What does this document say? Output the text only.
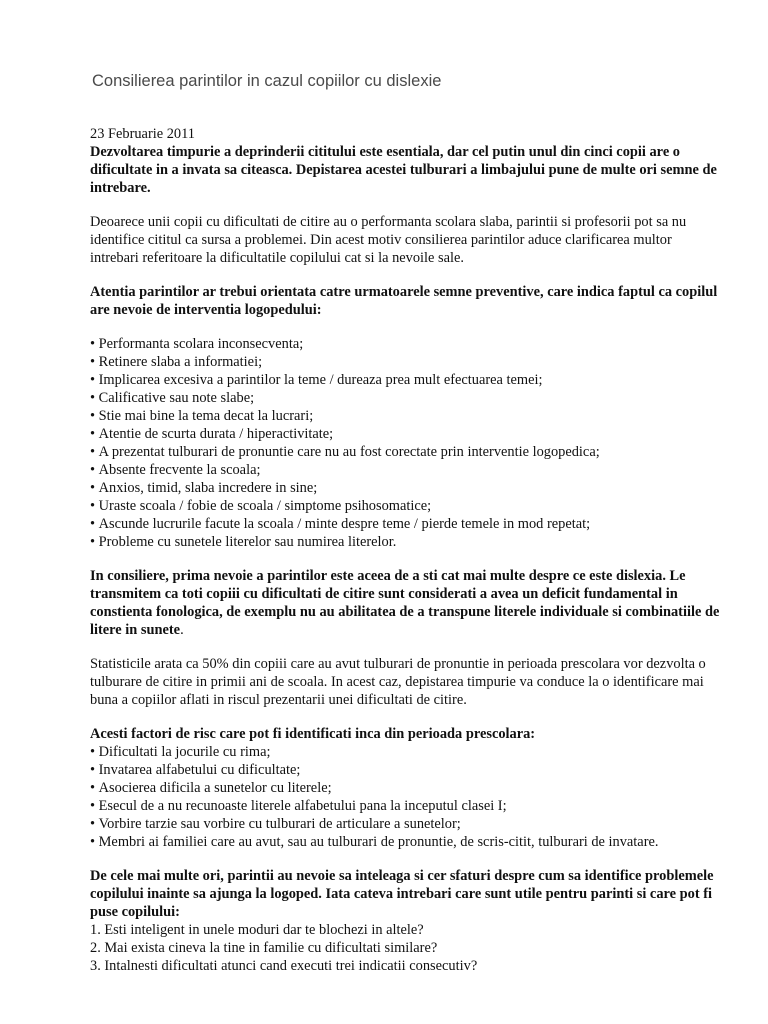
Consilierea parintilor in cazul copiilor cu dislexie

23 Februarie 2011

Dezvoltarea timpurie a deprinderii cititului este esentiala, dar cel putin unul din cinci copii are o dificultate in a invata sa citeasca. Depistarea acestei tulburari a limbajului pune de multe ori semne de intrebare.

Deoarece unii copii cu dificultati de citire au o performanta scolara slaba, parintii si profesorii pot sa nu identifice cititul ca sursa a problemei. Din acest motiv consilierea parintilor aduce clarificarea multor intrebari referitoare la dificultatile copilului cat si la nevoile sale.

Atentia parintilor ar trebui orientata catre urmatoarele semne preventive, care indica faptul ca copilul are nevoie de interventia logopedului:

• Performanta scolara inconsecventa;
• Retinere slaba a informatiei;
• Implicarea excesiva a parintilor la teme / dureaza prea mult efectuarea temei;
• Calificative sau note slabe;
• Stie mai bine la tema decat la lucrari;
• Atentie de scurta durata / hiperactivitate;
• A prezentat tulburari de pronuntie care nu au fost corectate prin interventie logopedica;
• Absente frecvente la scoala;
• Anxios, timid, slaba incredere in sine;
• Uraste scoala / fobie de scoala / simptome psihosomatice;
• Ascunde lucrurile facute la scoala / minte despre teme / pierde temele in mod repetat;
• Probleme cu sunetele literelor sau numirea literelor.

In consiliere, prima nevoie a parintilor este aceea de a sti cat mai multe despre ce este dislexia. Le transmitem ca toti copiii cu dificultati de citire sunt considerati a avea un deficit fundamental in constienta fonologica, de exemplu nu au abilitatea de a transpune literele individuale si combinatiile de litere in sunete.

Statisticile arata ca 50% din copiii care au avut tulburari de pronuntie in perioada prescolara vor dezvolta o tulburare de citire in primii ani de scoala. In acest caz, depistarea timpurie va conduce la o identificare mai buna a copiilor aflati in riscul prezentarii unei dificultati de citire.

Acesti factori de risc care pot fi identificati inca din perioada prescolara:

• Dificultati la jocurile cu rima;
• Invatarea alfabetului cu dificultate;
• Asocierea dificila a sunetelor cu literele;
• Esecul de a nu recunoaste literele alfabetului pana la inceputul clasei I;
• Vorbire tarzie sau vorbire cu tulburari de articulare a sunetelor;
• Membri ai familiei care au avut, sau au tulburari de pronuntie, de scris-citit, tulburari de invatare.

De cele mai multe ori, parintii au nevoie sa inteleaga si cer sfaturi despre cum sa identifice problemele copilului inainte sa ajunga la logoped. Iata cateva intrebari care sunt utile pentru parinti si care pot fi puse copilului:

1. Esti inteligent in unele moduri dar te blochezi in altele?
2. Mai exista cineva la tine in familie cu dificultati similare?
3. Intalnesti dificultati atunci cand executi trei indicatii consecutiv?
